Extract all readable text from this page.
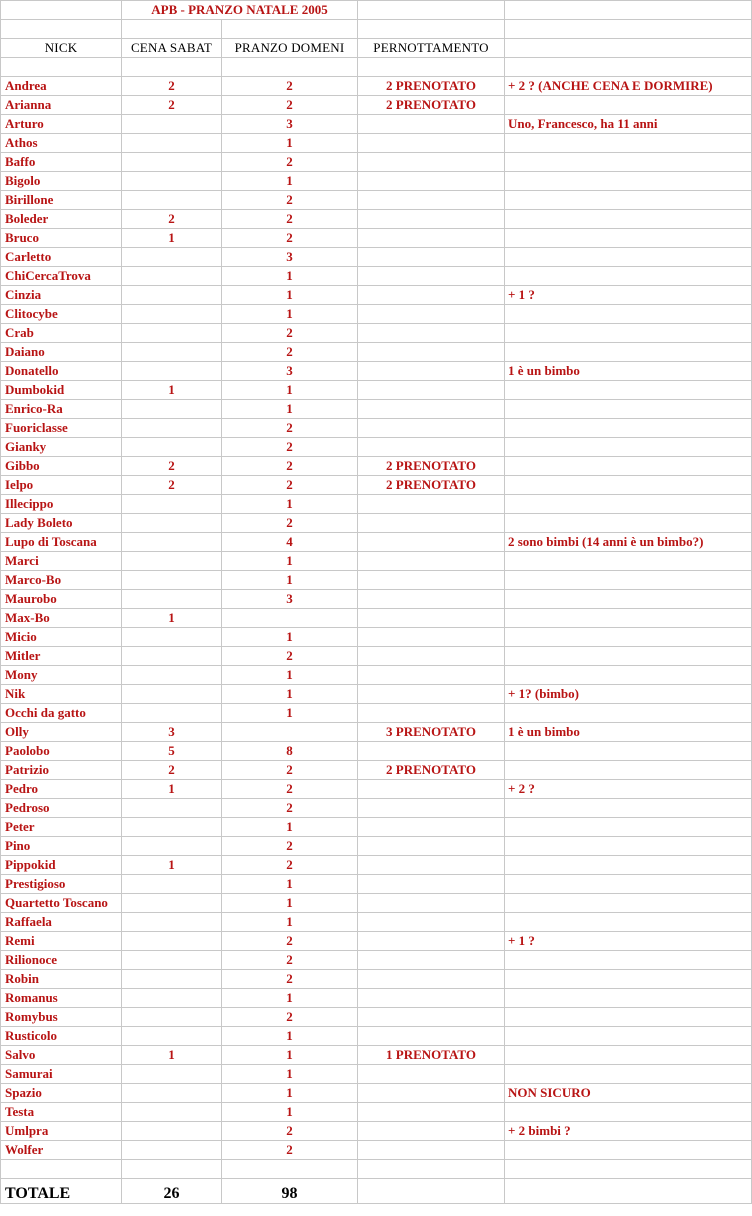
	APB - PRANZO NATALE 2005			

NICK	CENA SABAT	PRANZO DOMENI	PERNOTTAMENTO	

Andrea	2	2	2 PRENOTATO	+ 2 ? (ANCHE CENA E DORMIRE)
Arianna	2	2	2 PRENOTATO	
Arturo		3		Uno, Francesco, ha 11 anni
Athos		1		
Baffo		2		
Bigolo		1		
Birillone		2		
Boleder	2	2		
Bruco	1	2		
Carletto		3		
ChiCercaTrova		1		
Cinzia		1		+ 1 ?
Clitocybe		1		
Crab		2		
Daiano		2		
Donatello		3		1 è un bimbo
Dumbokid	1	1		
Enrico-Ra		1		
Fuoriclasse		2		
Gianky		2		
Gibbo	2	2	2 PRENOTATO	
Ielpo	2	2	2 PRENOTATO	
Illecippo		1		
Lady Boleto		2		
Lupo di Toscana		4		2 sono bimbi (14 anni è un bimbo?)
Marci		1		
Marco-Bo		1		
Maurobo		3		
Max-Bo	1			
Micio		1		
Mitler		2		
Mony		1		
Nik		1		+ 1? (bimbo)
Occhi da gatto		1		
Olly	3		3 PRENOTATO	1 è un bimbo
Paolobo	5	8		
Patrizio	2	2	2 PRENOTATO	
Pedro	1	2		+ 2 ?
Pedroso		2		
Peter		1		
Pino		2		
Pippokid	1	2		
Prestigioso		1		
Quartetto Toscano		1		
Raffaela		1		
Remi		2		+ 1 ?
Rilionoce		2		
Robin		2		
Romanus		1		
Romybus		2		
Rusticolo		1		
Salvo	1	1	1 PRENOTATO	
Samurai		1		
Spazio		1		NON SICURO
Testa		1		
Umlpra		2		+ 2 bimbi ?
Wolfer		2		

TOTALE	26	98		
